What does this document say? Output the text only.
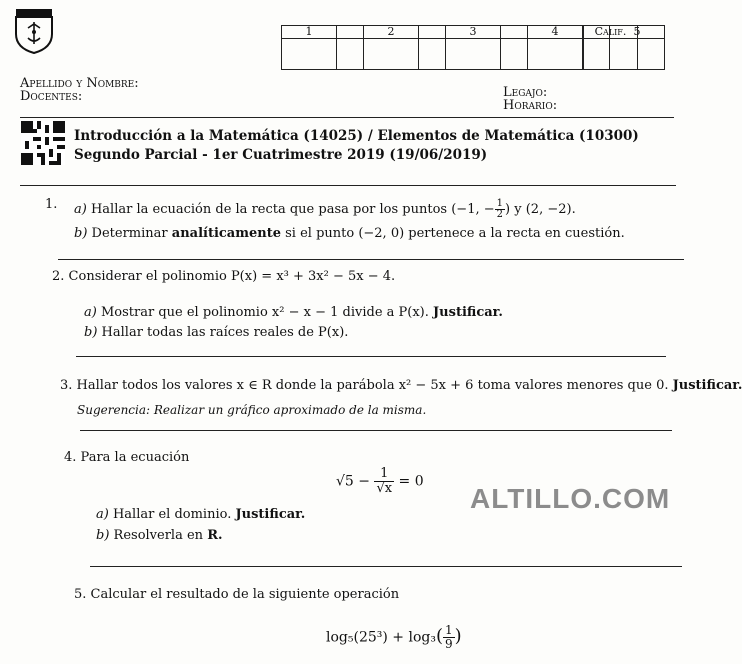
1		2		3		4		5

Calif.

Apellido y Nombre:
Docentes:	Legajo:
Horario:
Introducción a la Matemática (14025) / Elementos de Matemática (10300)
Segundo Parcial - 1er Cuatrimestre 2019 (19/06/2019)
1. a) Hallar la ecuación de la recta que pasa por los puntos (−1, − $\frac{1}{2}$ ) y (2, −2).
b) Determinar analíticamente si el punto (−2, 0) pertenece a la recta en cuestión.
2. Considerar el polinomio P(x) = x³ + 3x² − 5x − 4.
a) Mostrar que el polinomio x² − x − 1 divide a P(x). Justificar.
b) Hallar todas las raíces reales de P(x).
3. Hallar todos los valores x ∈ R donde la parábola x² − 5x + 6 toma valores menores que 0. Justificar.
Sugerencia: Realizar un gráfico aproximado de la misma.
4. Para la ecuación
$√5 - \frac{1}{√x} = 0$
a) Hallar el dominio. Justificar.
b) Resolverla en R.
5. Calcular el resultado de la siguiente operación
$\log_5(25^3) + \log_3( \frac{1}{9}$ )
ALTILLO.COM
